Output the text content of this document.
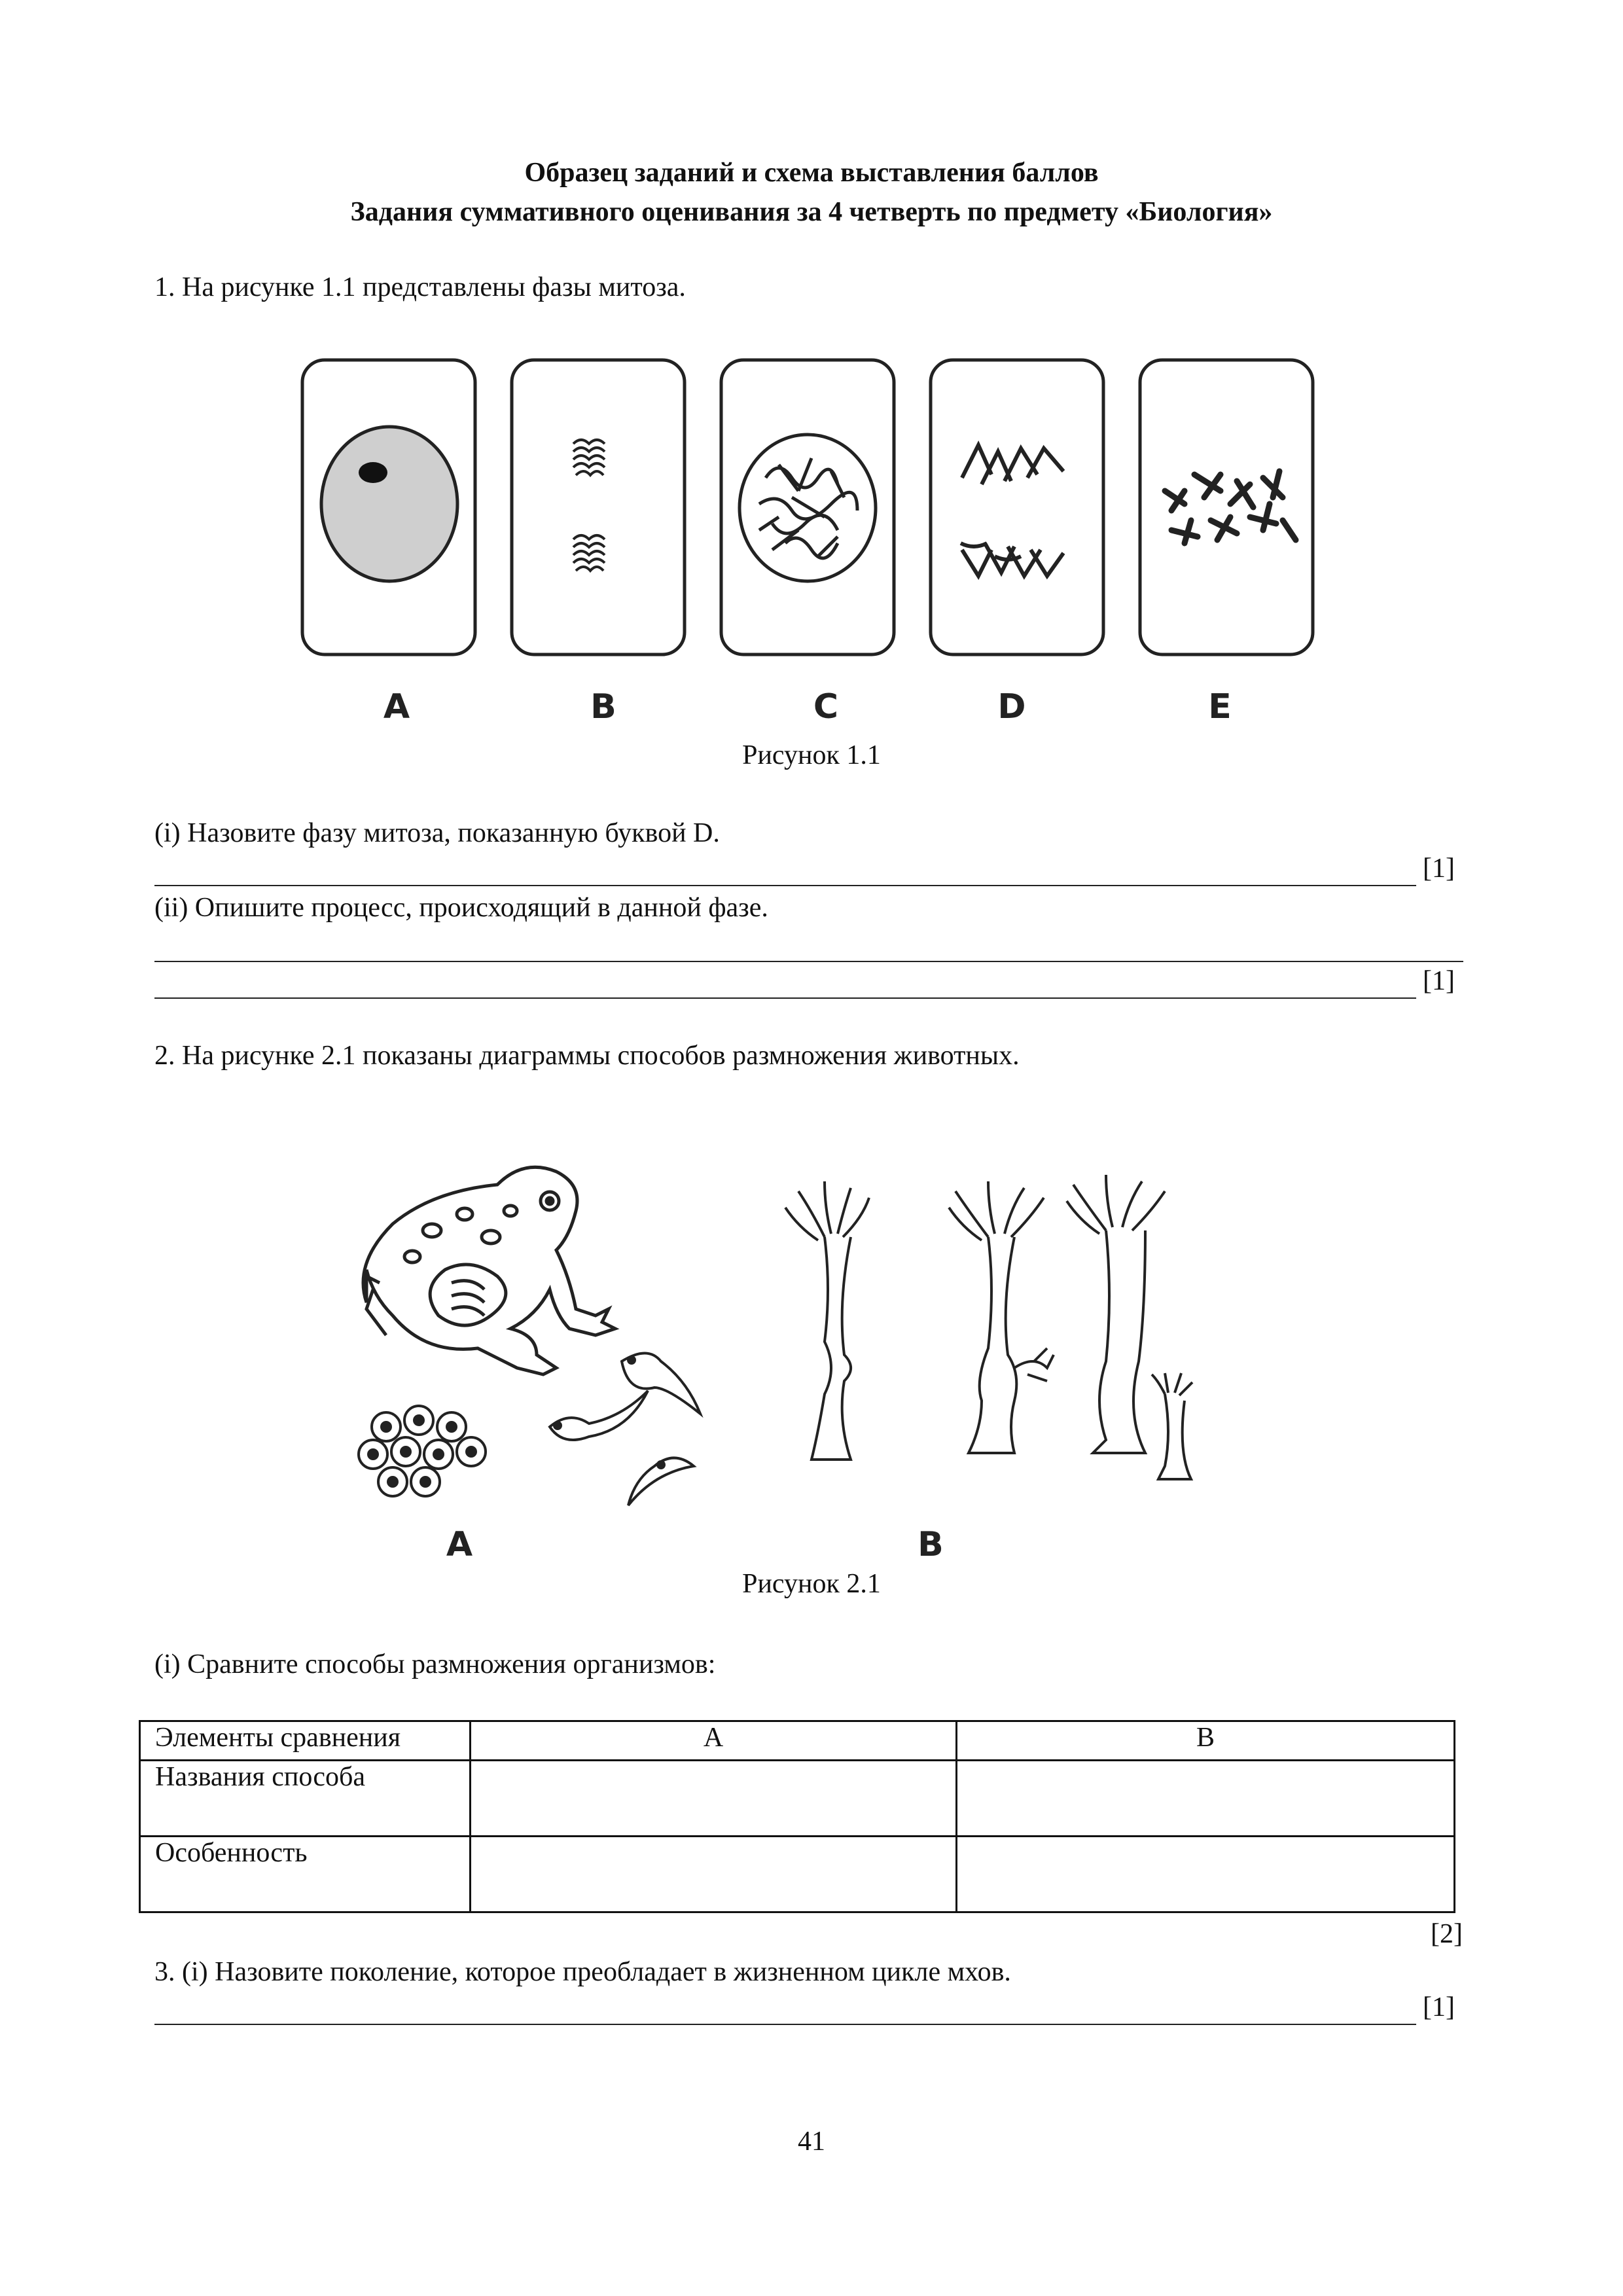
Образец заданий и схема выставления баллов
Задания суммативного оценивания за 4 четверть по предмету «Биология»
1. На рисунке 1.1 представлены фазы митоза.
A	B	C	D	E
Рисунок 1.1
(i) Назовите фазу митоза, показанную буквой D.
[1]
(ii) Опишите процесс, происходящий в данной фазе.
[1]
2. На рисунке 2.1 показаны диаграммы способов размножения животных.
A	B
Рисунок 2.1
(i) Сравните способы размножения организмов:
Элементы сравнения	A	B
Названия способа		
Особенность		
[2]
3. (i) Назовите поколение, которое преобладает в жизненном цикле мхов.
[1]
41
